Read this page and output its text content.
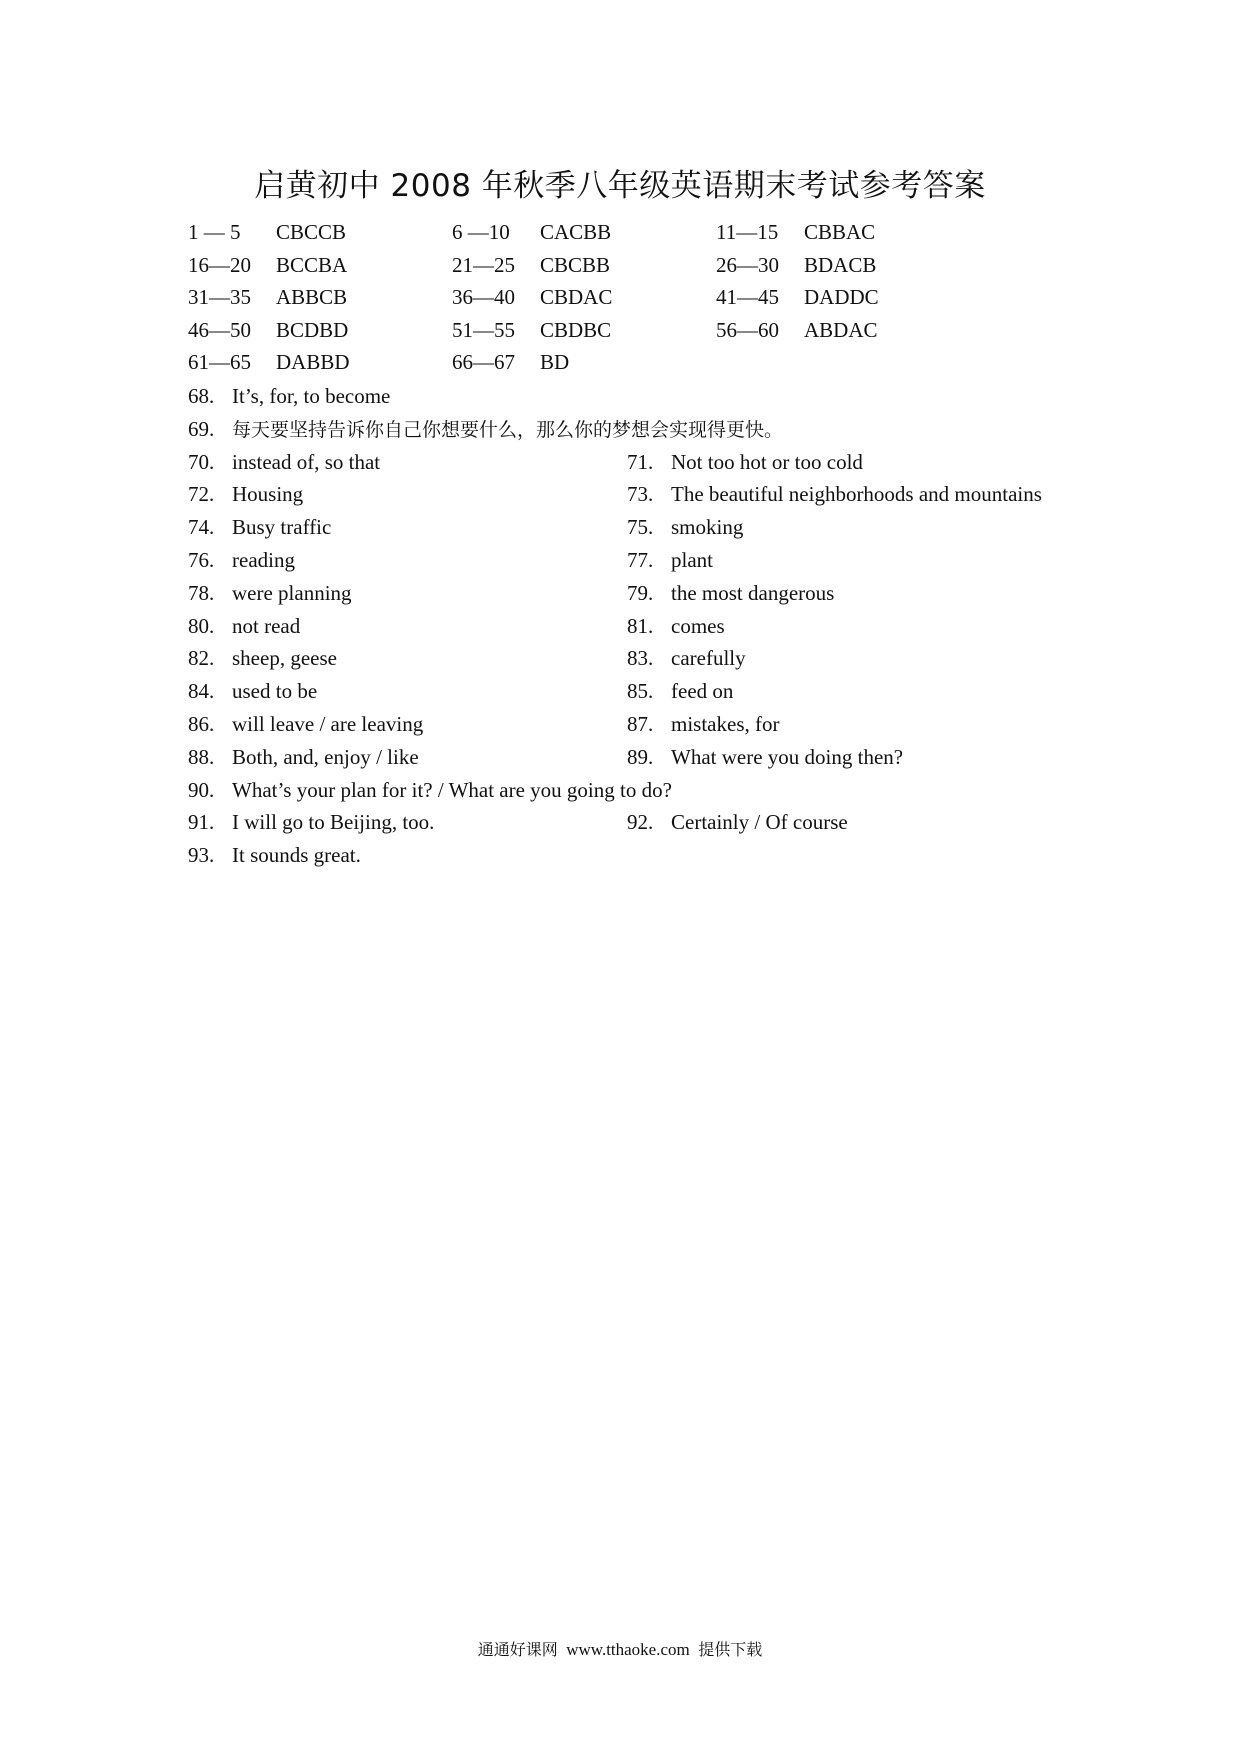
启黄初中 2008 年秋季八年级英语期末考试参考答案
1 — 5 CBCCB	6 —10 CACBB	11—15 CBBAC
16—20 BCCBA	21—25 CBCBB	26—30 BDACB
31—35 ABBCB	36—40 CBDAC	41—45 DADDC
46—50 BCDBD	51—55 CBDBC	56—60 ABDAC
61—65 DABBD	66—67 BD
68. It’s, for, to become
69. 每天要坚持告诉你自己你想要什么，那么你的梦想会实现得更快。
70. instead of, so that	71. Not too hot or too cold
72. Housing	73. The beautiful neighborhoods and mountains
74. Busy traffic	75. smoking
76. reading	77. plant
78. were planning	79. the most dangerous
80. not read	81. comes
82. sheep, geese	83. carefully
84. used to be	85. feed on
86. will leave / are leaving	87. mistakes, for
88. Both, and, enjoy / like	89. What were you doing then?
90. What’s your plan for it? / What are you going to do?
91. I will go to Beijing, too.	92. Certainly / Of course
93. It sounds great.
通通好课网 www.tthaoke.com 提供下载
